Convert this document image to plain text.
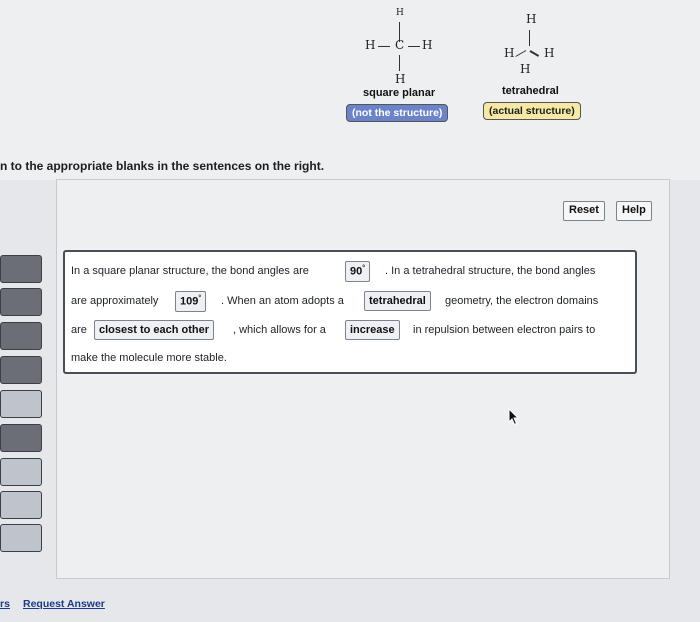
H
H C H
H
square planar
(not the structure)
H
H H
H
tetrahedral
(actual structure)
n to the appropriate blanks in the sentences on the right.
Reset	Help
In a square planar structure, the bond angles are	90°	. In a tetrahedral structure, the bond angles
are approximately	109°	. When an atom adopts a	tetrahedral	geometry, the electron domains
are	closest to each other	, which allows for a	increase	in repulsion between electron pairs to
make the molecule more stable.
rs Request Answer
